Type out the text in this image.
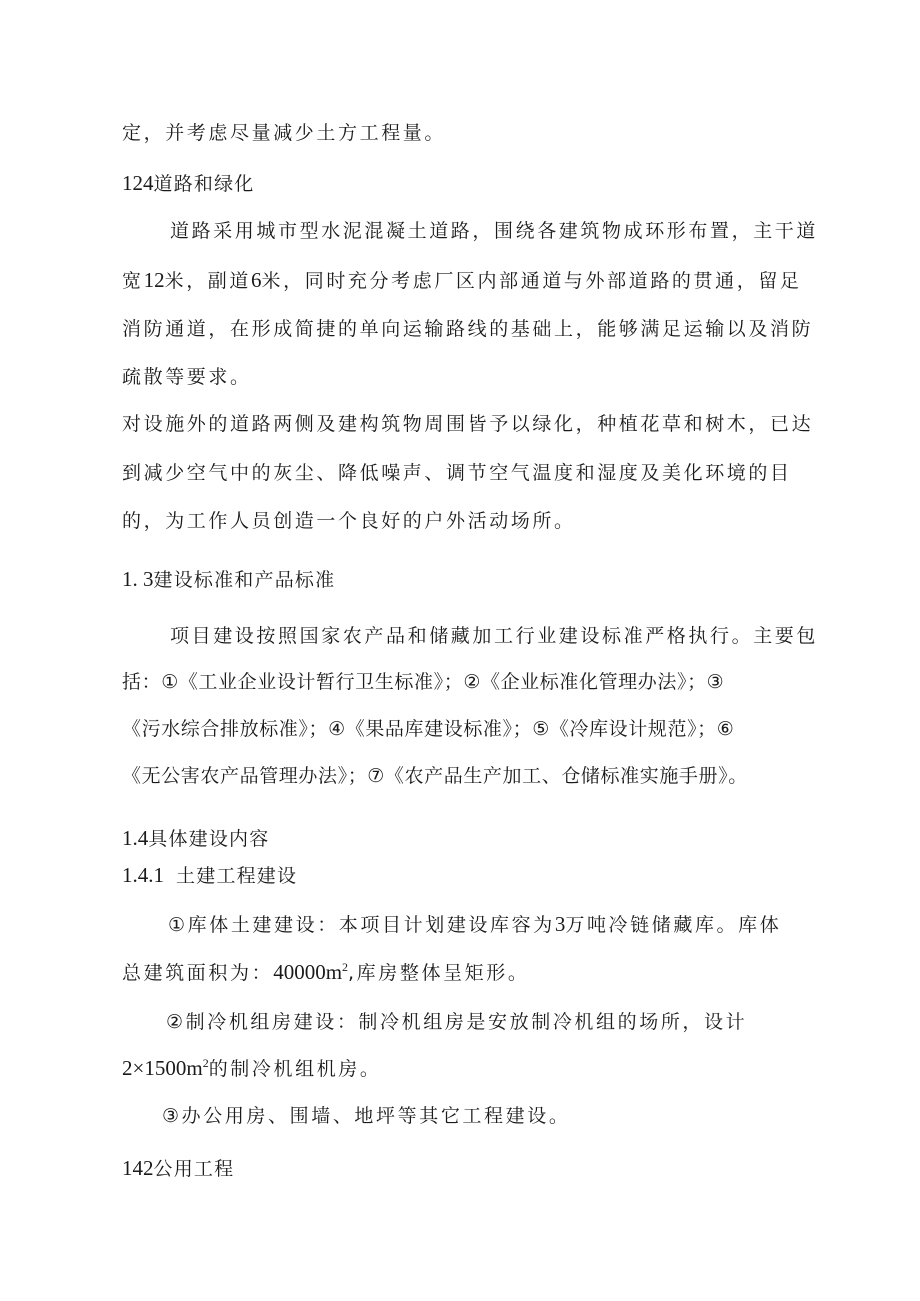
定，并考虑尽量减少土方工程量。
124道路和绿化
道路采用城市型水泥混凝土道路，围绕各建筑物成环形布置，主干道
宽12米，副道6米，同时充分考虑厂区内部通道与外部道路的贯通，留足
消防通道，在形成简捷的单向运输路线的基础上，能够满足运输以及消防
疏散等要求。
对设施外的道路两侧及建构筑物周围皆予以绿化，种植花草和树木，已达
到减少空气中的灰尘、降低噪声、调节空气温度和湿度及美化环境的目
的，为工作人员创造一个良好的户外活动场所。
1. 3建设标准和产品标准
项目建设按照国家农产品和储藏加工行业建设标准严格执行。主要包
括：①《工业企业设计暂行卫生标准》；②《企业标准化管理办法》；③
《污水综合排放标准》；④《果品库建设标准》；⑤《冷库设计规范》；⑥
《无公害农产品管理办法》；⑦《农产品生产加工、仓储标准实施手册》。
1.4具体建设内容
1.4.1 土建工程建设
①库体土建建设：本项目计划建设库容为3万吨冷链储藏库。库体
总建筑面积为：$40000m^2$,库房整体呈矩形。
②制冷机组房建设：制冷机组房是安放制冷机组的场所，设计
$2\times 1500m^2$的制冷机组机房。
③办公用房、围墙、地坪等其它工程建设。
142公用工程
